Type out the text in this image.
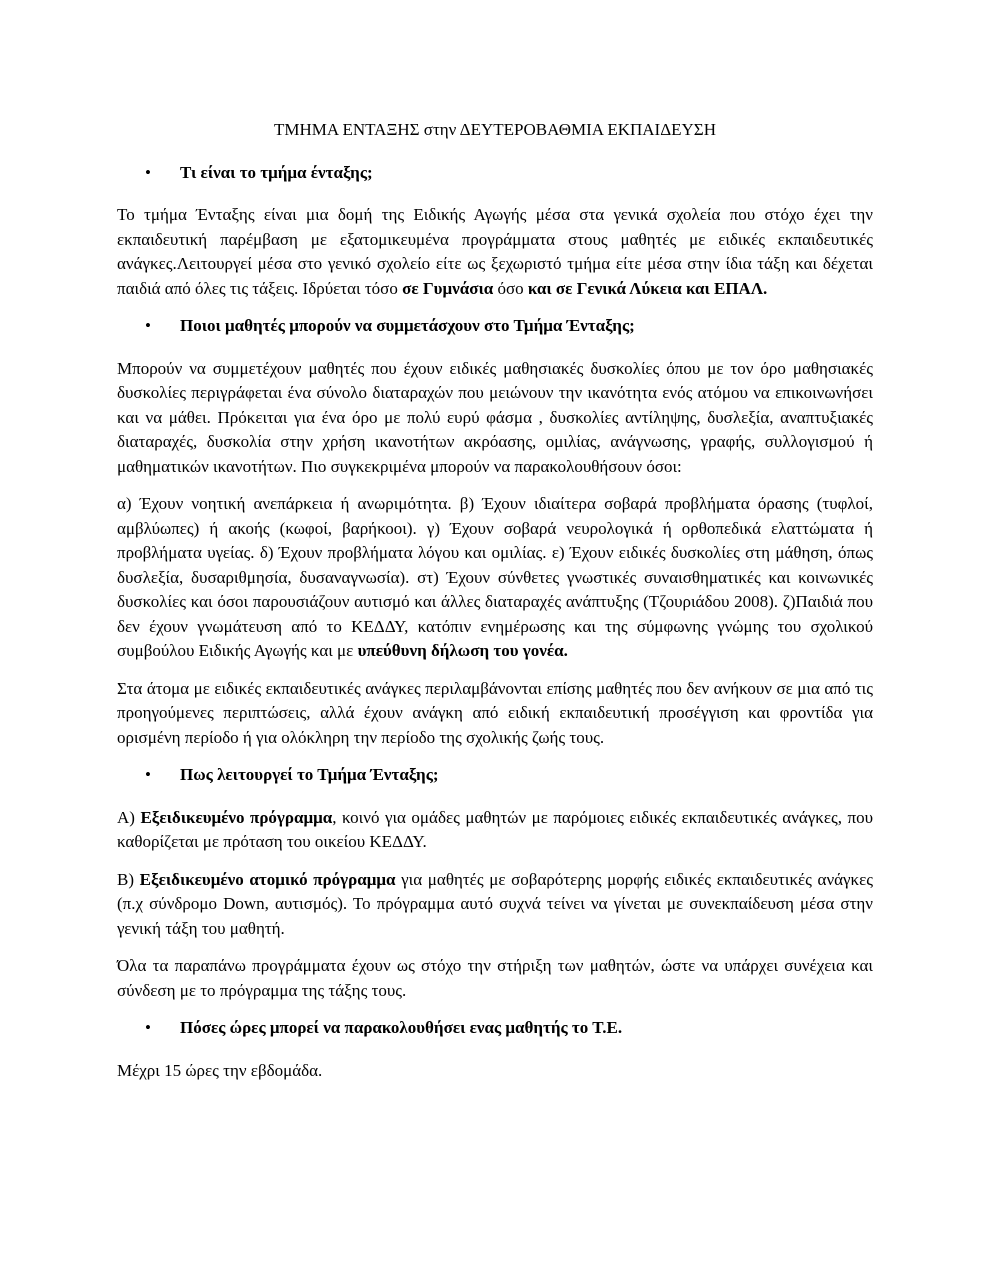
ΤΜΗΜΑ ΕΝΤΑΞΗΣ στην ΔΕΥΤΕΡΟΒΑΘΜΙΑ ΕΚΠΑΙΔΕΥΣΗ
•	Τι είναι το τμήμα ένταξης;

Το τμήμα Ένταξης είναι μια δομή της Ειδικής Αγωγής μέσα στα γενικά σχολεία που στόχο έχει την εκπαιδευτική παρέμβαση με εξατομικευμένα προγράμματα στους μαθητές με ειδικές εκπαιδευτικές ανάγκες.Λειτουργεί μέσα στο γενικό σχολείο είτε ως ξεχωριστό τμήμα είτε μέσα στην ίδια τάξη και δέχεται παιδιά από όλες τις τάξεις. Ιδρύεται τόσο σε Γυμνάσια όσο και σε Γενικά Λύκεια και ΕΠΑΛ.

•	Ποιοι μαθητές μπορούν να συμμετάσχουν στο Τμήμα Ένταξης;

Μπορούν να συμμετέχουν μαθητές που έχουν ειδικές μαθησιακές δυσκολίες όπου με τον όρο μαθησιακές δυσκολίες περιγράφεται ένα σύνολο διαταραχών που μειώνουν την ικανότητα ενός ατόμου να επικοινωνήσει και να μάθει. Πρόκειται για ένα όρο με πολύ ευρύ φάσμα , δυσκολίες αντίληψης, δυσλεξία, αναπτυξιακές διαταραχές, δυσκολία στην χρήση ικανοτήτων ακρόασης, ομιλίας, ανάγνωσης, γραφής, συλλογισμού ή μαθηματικών ικανοτήτων. Πιο συγκεκριμένα μπορούν να παρακολουθήσουν όσοι:

α) Έχουν νοητική ανεπάρκεια ή ανωριμότητα. β) Έχουν ιδιαίτερα σοβαρά προβλήματα όρασης (τυφλοί, αμβλύωπες) ή ακοής (κωφοί, βαρήκοοι). γ) Έχουν σοβαρά νευρολογικά ή ορθοπεδικά ελαττώματα ή προβλήματα υγείας. δ) Έχουν προβλήματα λόγου και ομιλίας. ε) Έχουν ειδικές δυσκολίες στη μάθηση, όπως δυσλεξία, δυσαριθμησία, δυσαναγνωσία). στ) Έχουν σύνθετες γνωστικές συναισθηματικές και κοινωνικές δυσκολίες και όσοι παρουσιάζουν αυτισμό και άλλες διαταραχές ανάπτυξης (Τζουριάδου 2008). ζ)Παιδιά που δεν έχουν γνωμάτευση από το ΚΕΔΔΥ, κατόπιν ενημέρωσης και της σύμφωνης γνώμης του σχολικού συμβούλου Ειδικής Αγωγής και με υπεύθυνη δήλωση του γονέα.

Στα άτομα με ειδικές εκπαιδευτικές ανάγκες περιλαμβάνονται επίσης μαθητές που δεν ανήκουν σε μια από τις προηγούμενες περιπτώσεις, αλλά έχουν ανάγκη από ειδική εκπαιδευτική προσέγγιση και φροντίδα για ορισμένη περίοδο ή για ολόκληρη την περίοδο της σχολικής ζωής τους.

•	Πως λειτουργεί το Τμήμα Ένταξης;

Α) Εξειδικευμένο πρόγραμμα, κοινό για ομάδες μαθητών με παρόμοιες ειδικές εκπαιδευτικές ανάγκες, που καθορίζεται με πρόταση του οικείου ΚΕΔΔΥ.

Β) Εξειδικευμένο ατομικό πρόγραμμα για μαθητές με σοβαρότερης μορφής ειδικές εκπαιδευτικές ανάγκες (π.χ σύνδρομο Down, αυτισμός). Το πρόγραμμα αυτό συχνά τείνει να γίνεται με συνεκπαίδευση μέσα στην γενική τάξη του μαθητή.

Όλα τα παραπάνω προγράμματα έχουν ως στόχο την στήριξη των μαθητών, ώστε να υπάρχει συνέχεια και σύνδεση με το πρόγραμμα της τάξης τους.

•	Πόσες ώρες μπορεί να παρακολουθήσει ενας μαθητής το Τ.Ε.

Μέχρι 15 ώρες την εβδομάδα.
